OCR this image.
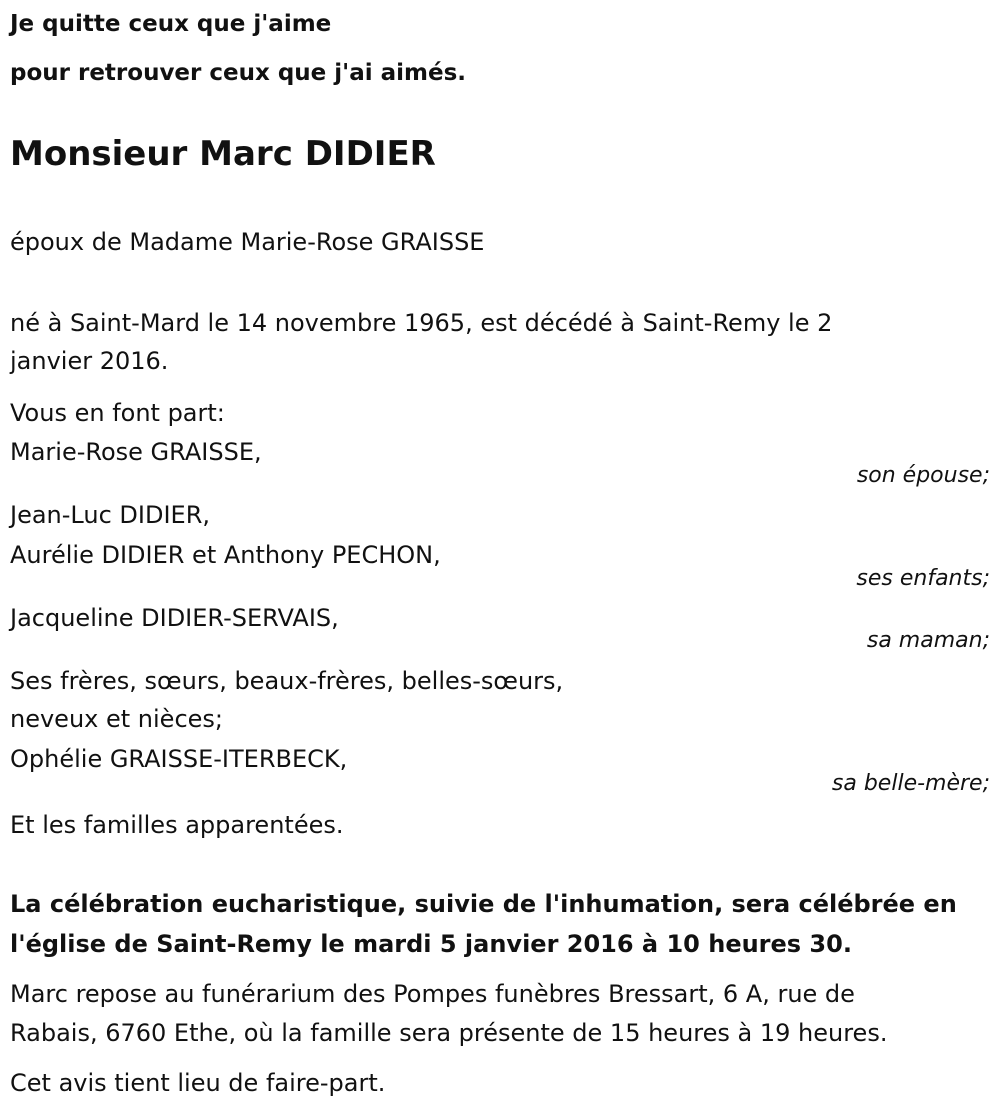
Je quitte ceux que j'aime

pour retrouver ceux que j'ai aimés.

Monsieur Marc DIDIER

époux de Madame Marie-Rose GRAISSE

né à Saint-Mard le 14 novembre 1965, est décédé à Saint-Remy le 2

janvier 2016.

Vous en font part:

Marie-Rose GRAISSE,

son épouse;

Jean-Luc DIDIER,

Aurélie DIDIER et Anthony PECHON,

ses enfants;

Jacqueline DIDIER-SERVAIS,

sa maman;

Ses frères, sœurs, beaux-frères, belles-sœurs,

neveux et nièces;

Ophélie GRAISSE-ITERBECK,

sa belle-mère;

Et les familles apparentées.

La célébration eucharistique, suivie de l'inhumation, sera célébrée en

l'église de Saint-Remy le mardi 5 janvier 2016 à 10 heures 30.

Marc repose au funérarium des Pompes funèbres Bressart, 6 A, rue de

Rabais, 6760 Ethe, où la famille sera présente de 15 heures à 19 heures.

Cet avis tient lieu de faire-part.
